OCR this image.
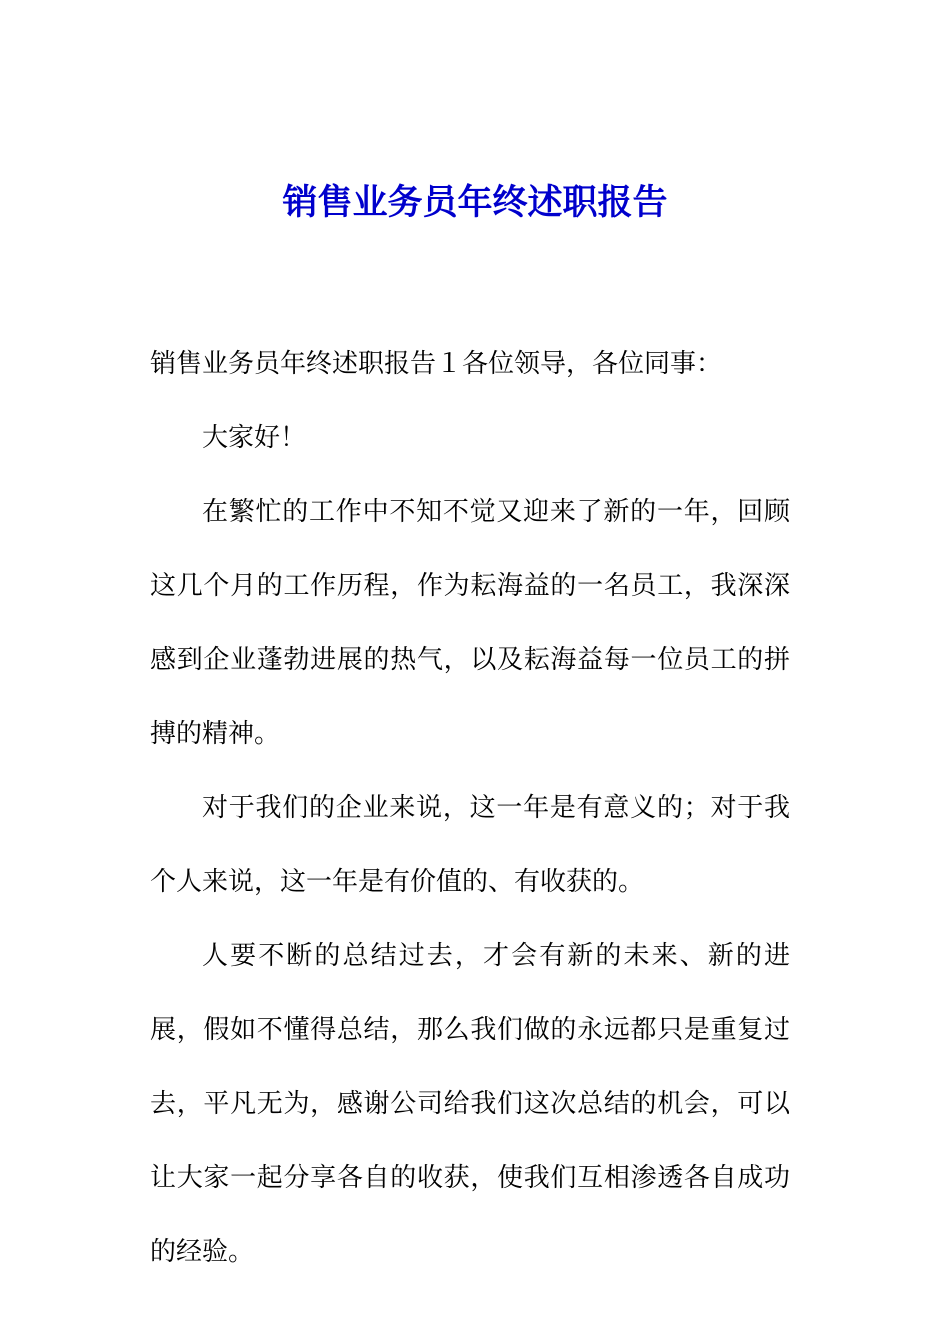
销售业务员年终述职报告

销售业务员年终述职报告１各位领导，各位同事：

大家好！

在繁忙的工作中不知不觉又迎来了新的一年，回顾这几个月的工作历程，作为耘海益的一名员工，我深深感到企业蓬勃进展的热气，以及耘海益每一位员工的拼搏的精神。

对于我们的企业来说，这一年是有意义的；对于我个人来说，这一年是有价值的、有收获的。

人要不断的总结过去，才会有新的未来、新的进展，假如不懂得总结，那么我们做的永远都只是重复过去，平凡无为，感谢公司给我们这次总结的机会，可以让大家一起分享各自的收获，使我们互相渗透各自成功的经验。
